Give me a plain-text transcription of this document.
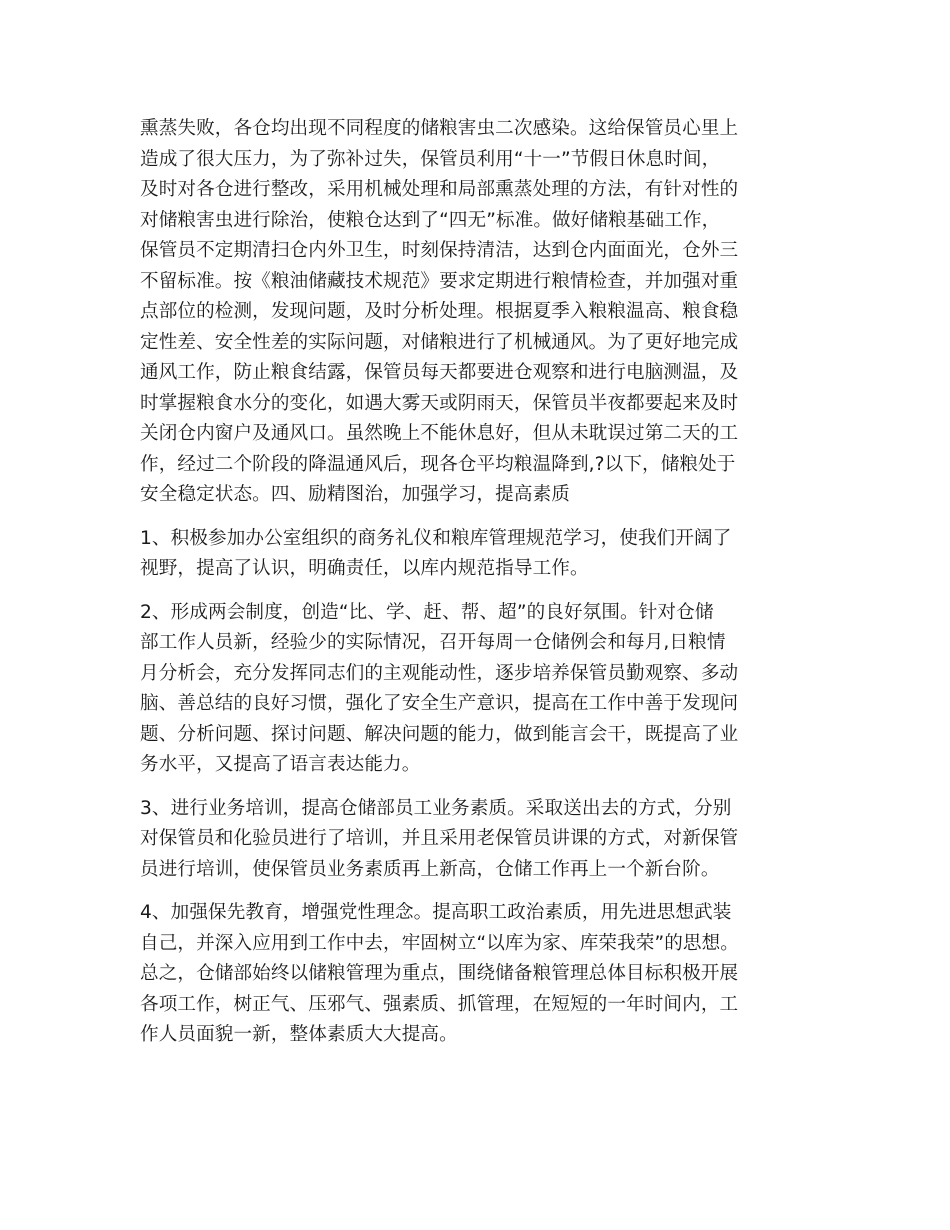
熏蒸失败，各仓均出现不同程度的储粮害虫二次感染。这给保管员心里上
造成了很大压力，为了弥补过失，保管员利用“十一”节假日休息时间，
及时对各仓进行整改，采用机械处理和局部熏蒸处理的方法，有针对性的
对储粮害虫进行除治，使粮仓达到了“四无”标准。做好储粮基础工作，
保管员不定期清扫仓内外卫生，时刻保持清洁，达到仓内面面光，仓外三
不留标准。按《粮油储藏技术规范》要求定期进行粮情检查，并加强对重
点部位的检测，发现问题，及时分析处理。根据夏季入粮粮温高、粮食稳
定性差、安全性差的实际问题，对储粮进行了机械通风。为了更好地完成
通风工作，防止粮食结露，保管员每天都要进仓观察和进行电脑测温，及
时掌握粮食水分的变化，如遇大雾天或阴雨天，保管员半夜都要起来及时
关闭仓内窗户及通风口。虽然晚上不能休息好，但从未耽误过第二天的工
作，经过二个阶段的降温通风后，现各仓平均粮温降到,?以下，储粮处于
安全稳定状态。四、励精图治，加强学习，提高素质

1、积极参加办公室组织的商务礼仪和粮库管理规范学习，使我们开阔了
视野，提高了认识，明确责任，以库内规范指导工作。

2、形成两会制度，创造“比、学、赶、帮、超”的良好氛围。针对仓储
部工作人员新，经验少的实际情况，召开每周一仓储例会和每月,日粮情
月分析会，充分发挥同志们的主观能动性，逐步培养保管员勤观察、多动
脑、善总结的良好习惯，强化了安全生产意识，提高在工作中善于发现问
题、分析问题、探讨问题、解决问题的能力，做到能言会干，既提高了业
务水平，又提高了语言表达能力。

3、进行业务培训，提高仓储部员工业务素质。采取送出去的方式，分别
对保管员和化验员进行了培训，并且采用老保管员讲课的方式，对新保管
员进行培训，使保管员业务素质再上新高，仓储工作再上一个新台阶。

4、加强保先教育，增强党性理念。提高职工政治素质，用先进思想武装
自己，并深入应用到工作中去，牢固树立“以库为家、库荣我荣”的思想。
总之，仓储部始终以储粮管理为重点，围绕储备粮管理总体目标积极开展
各项工作，树正气、压邪气、强素质、抓管理，在短短的一年时间内，工
作人员面貌一新，整体素质大大提高。
